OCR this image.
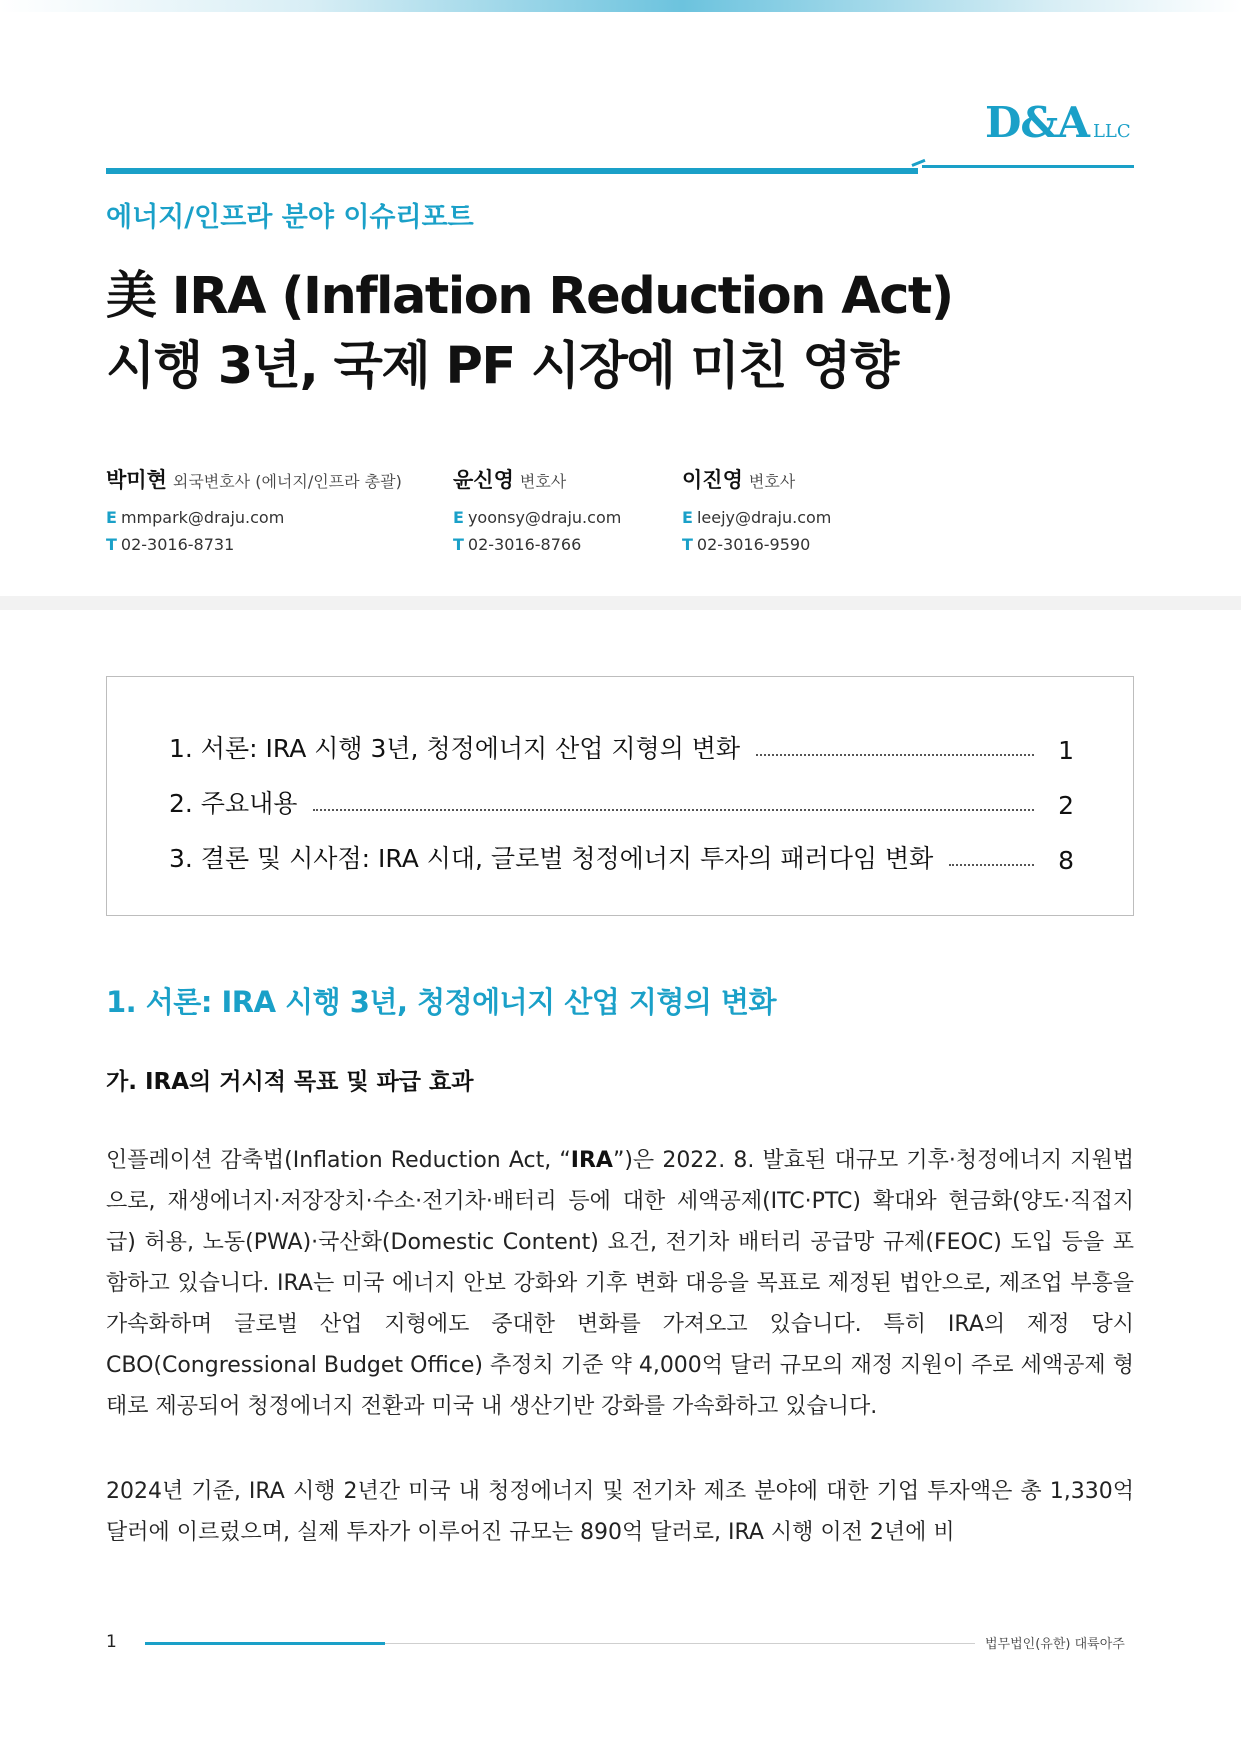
D&A LLC
에너지/인프라 분야 이슈리포트
美 IRA (Inflation Reduction Act)
시행 3년, 국제 PF 시장에 미친 영향
박미현 외국변호사 (에너지/인프라 총괄)
E mmpark@draju.com
T 02-3016-8731
윤신영 변호사
E yoonsy@draju.com
T 02-3016-8766
이진영 변호사
E leejy@draju.com
T 02-3016-9590
1. 서론: IRA 시행 3년, 청정에너지 산업 지형의 변화	1
2. 주요내용	2
3. 결론 및 시사점: IRA 시대, 글로벌 청정에너지 투자의 패러다임 변화	8
1. 서론: IRA 시행 3년, 청정에너지 산업 지형의 변화
가. IRA의 거시적 목표 및 파급 효과

인플레이션 감축법(Inflation Reduction Act, “IRA”)은 2022. 8. 발효된 대규모 기후·청정에너지 지원법으로, 재생에너지·저장장치·수소·전기차·배터리 등에 대한 세액공제(ITC·PTC) 확대와 현금화(양도·직접지급) 허용, 노동(PWA)·국산화(Domestic Content) 요건, 전기차 배터리 공급망 규제(FEOC) 도입 등을 포함하고 있습니다. IRA는 미국 에너지 안보 강화와 기후 변화 대응을 목표로 제정된 법안으로, 제조업 부흥을 가속화하며 글로벌 산업 지형에도 중대한 변화를 가져오고 있습니다. 특히 IRA의 제정 당시 CBO(Congressional Budget Office) 추정치 기준 약 4,000억 달러 규모의 재정 지원이 주로 세액공제 형태로 제공되어 청정에너지 전환과 미국 내 생산기반 강화를 가속화하고 있습니다.

2024년 기준, IRA 시행 2년간 미국 내 청정에너지 및 전기차 제조 분야에 대한 기업 투자액은 총 1,330억 달러에 이르렀으며, 실제 투자가 이루어진 규모는 890억 달러로, IRA 시행 이전 2년에 비

1	법무법인(유한) 대륙아주
